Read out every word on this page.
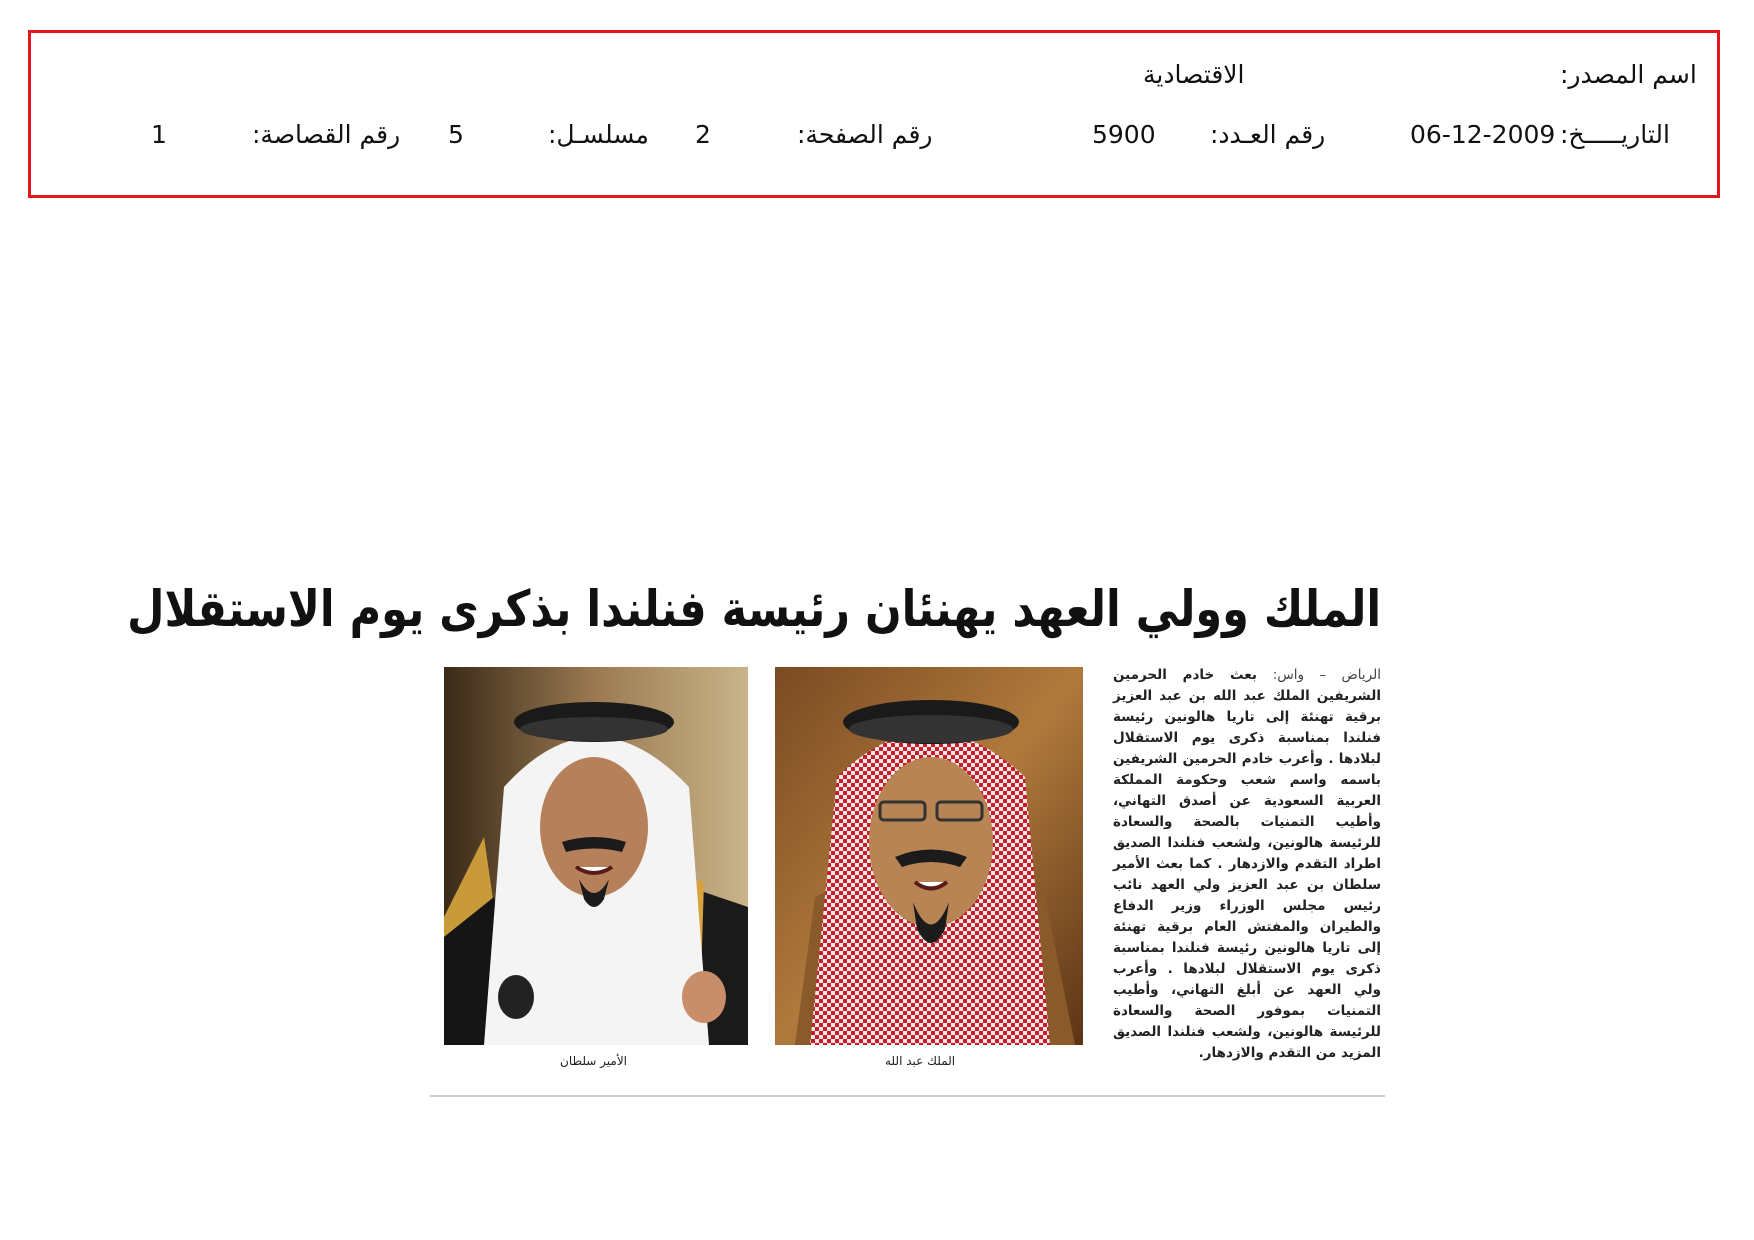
اسم المصدر:
الاقتصادية
التاريـــــخ:
06-12-2009
رقم العـدد:
5900
رقم الصفحة:
2
مسلسـل:
5
رقم القصاصة:
1
الملك وولي العهد يهنئان رئيسة فنلندا بذكرى يوم الاستقلال
الرياض – واس: بعث خادم الحرمين الشريفين الملك عبد الله بن عبد العزيز برقية تهنئة إلى تاريا هالونين رئيسة فنلندا بمناسبة ذكرى يوم الاستقلال لبلادها . وأعرب خادم الحرمين الشريفين باسمه واسم شعب وحكومة المملكة العربية السعودية عن أصدق التهاني، وأطيب التمنيات بالصحة والسعادة للرئيسة هالونين، ولشعب فنلندا الصديق اطراد التقدم والازدهار . كما بعث الأمير سلطان بن عبد العزيز ولي العهد نائب رئيس مجلس الوزراء وزير الدفاع والطيران والمفتش العام برقية تهنئة إلى تاريا هالونين رئيسة فنلندا بمناسبة ذكرى يوم الاستقلال لبلادها . وأعرب ولي العهد عن أبلغ التهاني، وأطيب التمنيات بموفور الصحة والسعادة للرئيسة هالونين، ولشعب فنلندا الصديق المزيد من التقدم والازدهار.
الملك عبد الله
الأمير سلطان
